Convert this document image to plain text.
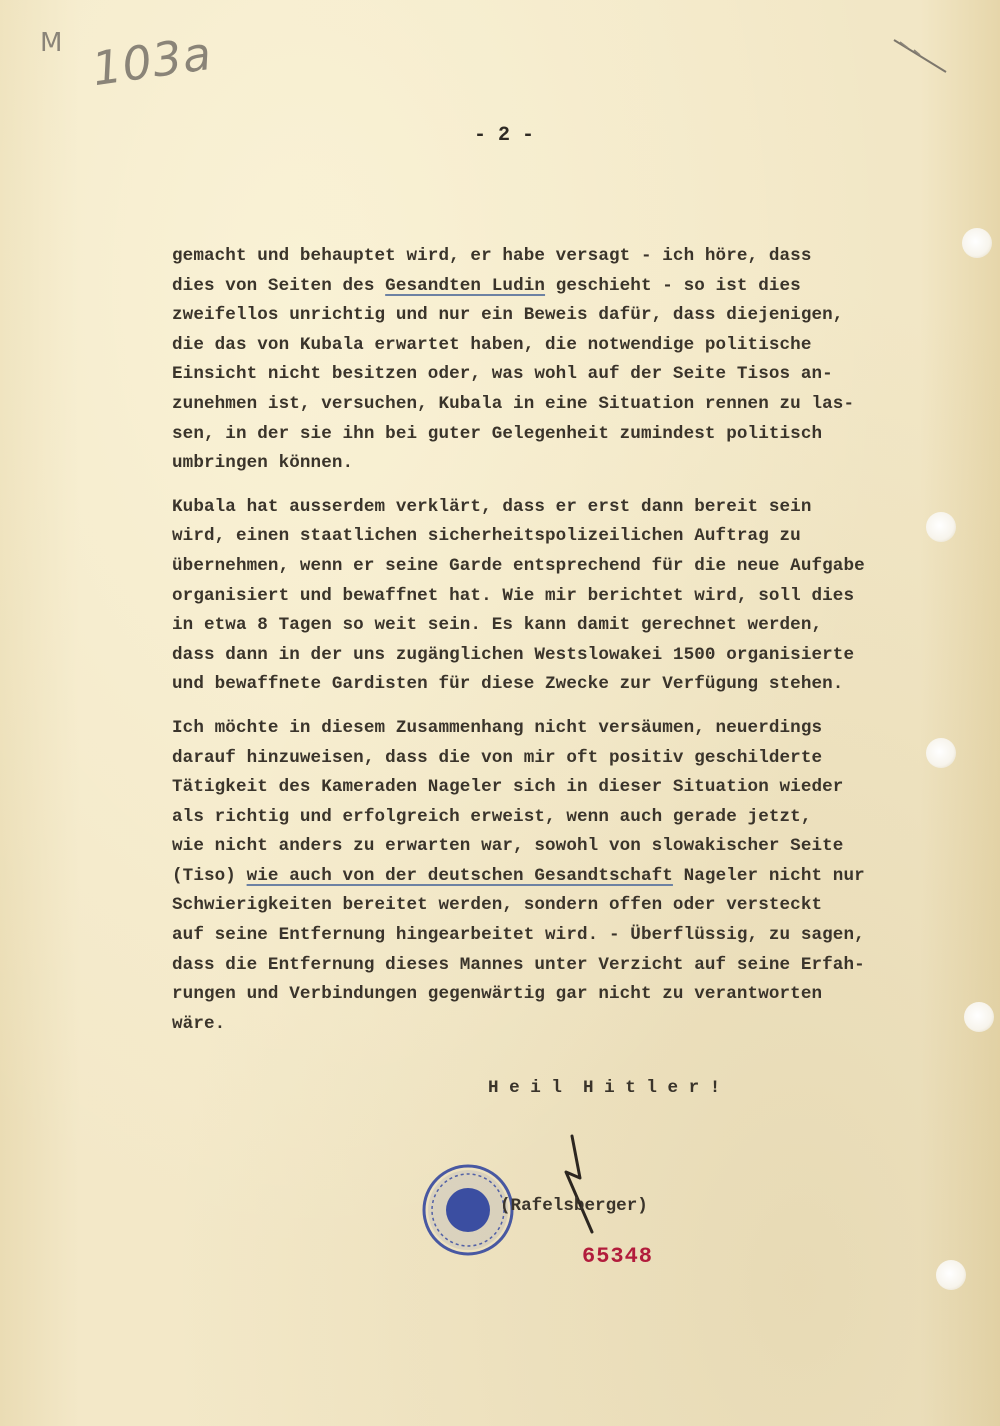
M 103a
- 2 -
gemacht und behauptet wird, er habe versagt - ich höre, dass
dies von Seiten des Gesandten Ludin geschieht - so ist dies
zweifellos unrichtig und nur ein Beweis dafür, dass diejenigen,
die das von Kubala erwartet haben, die notwendige politische
Einsicht nicht besitzen oder, was wohl auf der Seite Tisos an-
zunehmen ist, versuchen, Kubala in eine Situation rennen zu las-
sen, in der sie ihn bei guter Gelegenheit zumindest politisch
umbringen können.
Kubala hat ausserdem verklärt, dass er erst dann bereit sein
wird, einen staatlichen sicherheitspolizeilichen Auftrag zu
übernehmen, wenn er seine Garde entsprechend für die neue Aufgabe
organisiert und bewaffnet hat. Wie mir berichtet wird, soll dies
in etwa 8 Tagen so weit sein. Es kann damit gerechnet werden,
dass dann in der uns zugänglichen Westslowakei 1500 organisierte
und bewaffnete Gardisten für diese Zwecke zur Verfügung stehen.
Ich möchte in diesem Zusammenhang nicht versäumen, neuerdings
darauf hinzuweisen, dass die von mir oft positiv geschilderte
Tätigkeit des Kameraden Nageler sich in dieser Situation wieder
als richtig und erfolgreich erweist, wenn auch gerade jetzt,
wie nicht anders zu erwarten war, sowohl von slowakischer Seite
(Tiso) wie auch von der deutschen Gesandtschaft Nageler nicht nur
Schwierigkeiten bereitet werden, sondern offen oder versteckt
auf seine Entfernung hingearbeitet wird. - Überflüssig, zu sagen,
dass die Entfernung dieses Mannes unter Verzicht auf seine Erfah-
rungen und Verbindungen gegenwärtig gar nicht zu verantworten
wäre.
H e i l  H i t l e r !
(Rafelsberger)
65348
